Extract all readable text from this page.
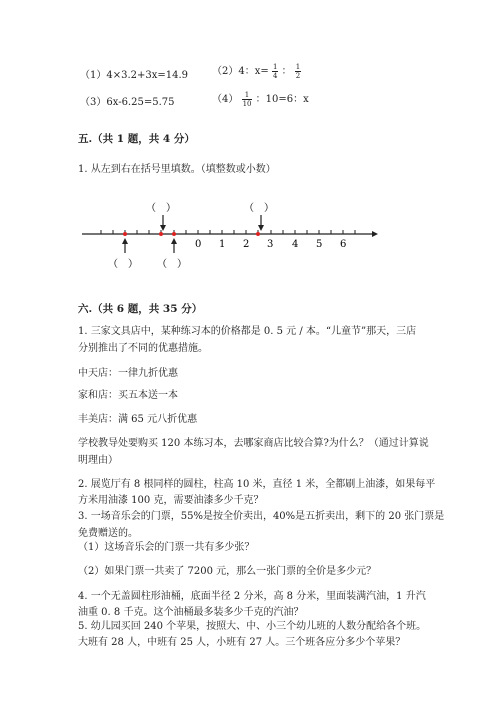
（1）4×3.2+3x=14.9 （2）4：$x= \frac{1}{4}$ ： $\frac{1}{2}$
（3）6x-6.25=5.75	$(4) \frac{1}{10}$ ：10=6：x
五.（共 1 题，共 4 分）
1. 从左到右在括号里填数。（填整数或小数）
（　）	（　）
0 1 2 3 4 5 6
（　） （　）
六.（共 6 题，共 35 分）
1. 三家文具店中，某种练习本的价格都是 0. 5 元 / 本。“儿童节”那天，三店
分别推出了不同的优惠措施。
中天店：一律九折优惠
家和店：买五本送一本
丰美店：满 65 元八折优惠
学校教导处要购买 120 本练习本，去哪家商店比较合算?为什么？（通过计算说
明理由）
2. 展览厅有 8 根同样的圆柱，柱高 10 米，直径 1 米，全都刷上油漆，如果每平
方米用油漆 100 克，需要油漆多少千克？
3. 一场音乐会的门票，55%是按全价卖出，40%是五折卖出，剩下的 20 张门票是
免费赠送的。
（1）这场音乐会的门票一共有多少张？
（2）如果门票一共卖了 7200 元，那么一张门票的全价是多少元？
4. 一个无盖圆柱形油桶，底面半径 2 分米，高 8 分米，里面装满汽油，1 升汽
油重 0. 8 千克。这个油桶最多装多少千克的汽油？
5. 幼儿园买回 240 个苹果，按照大、中、小三个幼儿班的人数分配给各个班。
大班有 28 人，中班有 25 人，小班有 27 人。三个班各应分多少个苹果？
